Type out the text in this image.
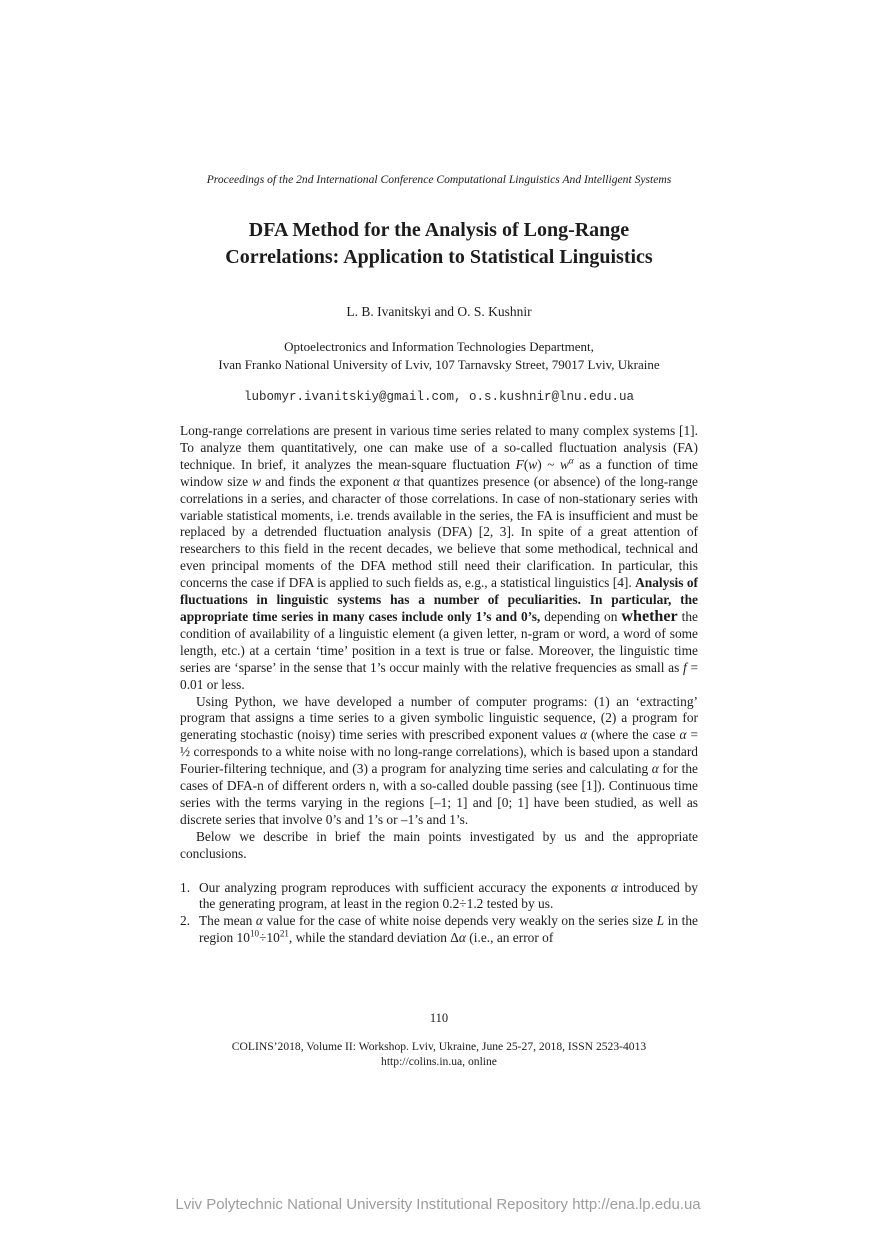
Proceedings of the 2nd International Conference Computational Linguistics And Intelligent Systems
DFA Method for the Analysis of Long-Range
Correlations: Application to Statistical Linguistics
L. B. Ivanitskyi and O. S. Kushnir
Optoelectronics and Information Technologies Department,
Ivan Franko National University of Lviv, 107 Tarnavsky Street, 79017 Lviv, Ukraine
lubomyr.ivanitskiy@gmail.com, o.s.kushnir@lnu.edu.ua

Long-range correlations are present in various time series related to many complex systems [1]. To analyze them quantitatively, one can make use of a so-called fluctuation analysis (FA) technique. In brief, it analyzes the mean-square fluctuation F(w) ~ $w^\alpha$ as a function of time window size w and finds the exponent α that quantizes presence (or absence) of the long-range correlations in a series, and character of those correlations. In case of non-stationary series with variable statistical moments, i.e. trends available in the series, the FA is insufficient and must be replaced by a detrended fluctuation analysis (DFA) [2, 3]. In spite of a great attention of researchers to this field in the recent decades, we believe that some methodical, technical and even principal moments of the DFA method still need their clarification. In particular, this concerns the case if DFA is applied to such fields as, e.g., a statistical linguistics [4]. Analysis of fluctuations in linguistic systems has a number of peculiarities. In particular, the appropriate time series in many cases include only 1’s and 0’s, depending on whether the condition of availability of a linguistic element (a given letter, n-gram or word, a word of some length, etc.) at a certain ‘time’ position in a text is true or false. Moreover, the linguistic time series are ‘sparse’ in the sense that 1’s occur mainly with the relative frequencies as small as f = 0.01 or less.

Using Python, we have developed a number of computer programs: (1) an ‘extracting’ program that assigns a time series to a given symbolic linguistic sequence, (2) a program for generating stochastic (noisy) time series with prescribed exponent values α (where the case α = ½ corresponds to a white noise with no long-range correlations), which is based upon a standard Fourier-filtering technique, and (3) a program for analyzing time series and calculating α for the cases of DFA-n of different orders n, with a so-called double passing (see [1]). Continuous time series with the terms varying in the regions [–1; 1] and [0; 1] have been studied, as well as discrete series that involve 0’s and 1’s or –1’s and 1’s.

Below we describe in brief the main points investigated by us and the appropriate conclusions.

1. Our analyzing program reproduces with sufficient accuracy the exponents α introduced by the generating program, at least in the region 0.2÷1.2 tested by us.
2. The mean α value for the case of white noise depends very weakly on the series size L in the region $10^{10}\div 10^{21}$, while the standard deviation Δα (i.e., an error of
110
COLINS’2018, Volume II: Workshop. Lviv, Ukraine, June 25-27, 2018, ISSN 2523-4013
http://colins.in.ua, online
Lviv Polytechnic National University Institutional Repository http://ena.lp.edu.ua
